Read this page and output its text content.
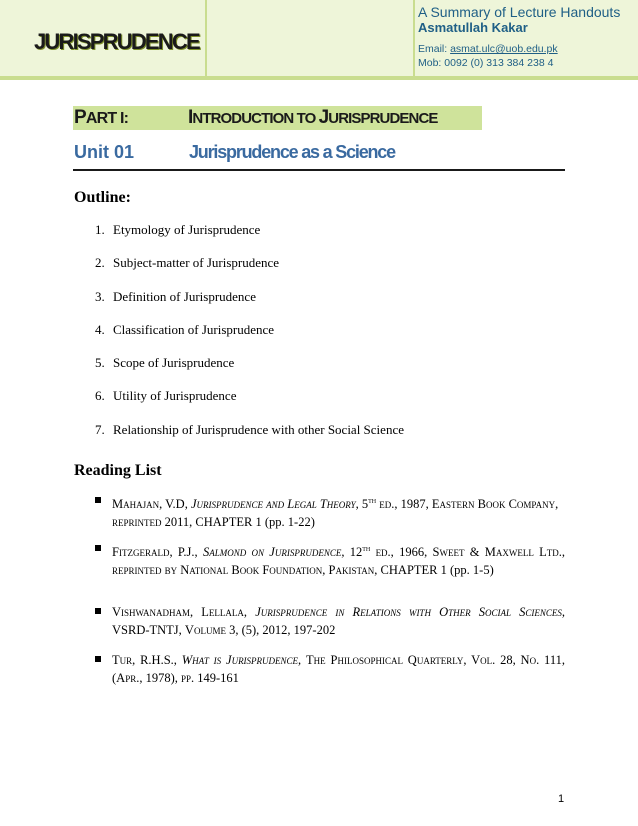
JURISPRUDENCE
A Summary of Lecture Handouts
Asmatullah Kakar
Email: asmat.ulc@uob.edu.pk
Mob: 0092 (0) 313 384 238 4
PART I:	INTRODUCTION TO JURISPRUDENCE
Unit 01	Jurisprudence as a Science
Outline:
1. Etymology of Jurisprudence
2. Subject-matter of Jurisprudence
3. Definition of Jurisprudence
4. Classification of Jurisprudence
5. Scope of Jurisprudence
6. Utility of Jurisprudence
7. Relationship of Jurisprudence with other Social Science
Reading List
Mahajan, V.D, Jurisprudence and Legal Theory, 5th ed., 1987, Eastern Book Company, reprinted 2011, CHAPTER 1 (pp. 1-22)
Fitzgerald, P.J., Salmond on Jurisprudence, 12th ed., 1966, Sweet & Maxwell Ltd., reprinted by National Book Foundation, Pakistan, CHAPTER 1 (pp. 1-5)
Vishwanadham, Lellala, Jurisprudence in Relations with Other Social Sciences, VSRD-TNTJ, Volume 3, (5), 2012, 197-202
Tur, R.H.S., What is Jurisprudence, The Philosophical Quarterly, Vol. 28, No. 111, (Apr., 1978), pp. 149-161
1
